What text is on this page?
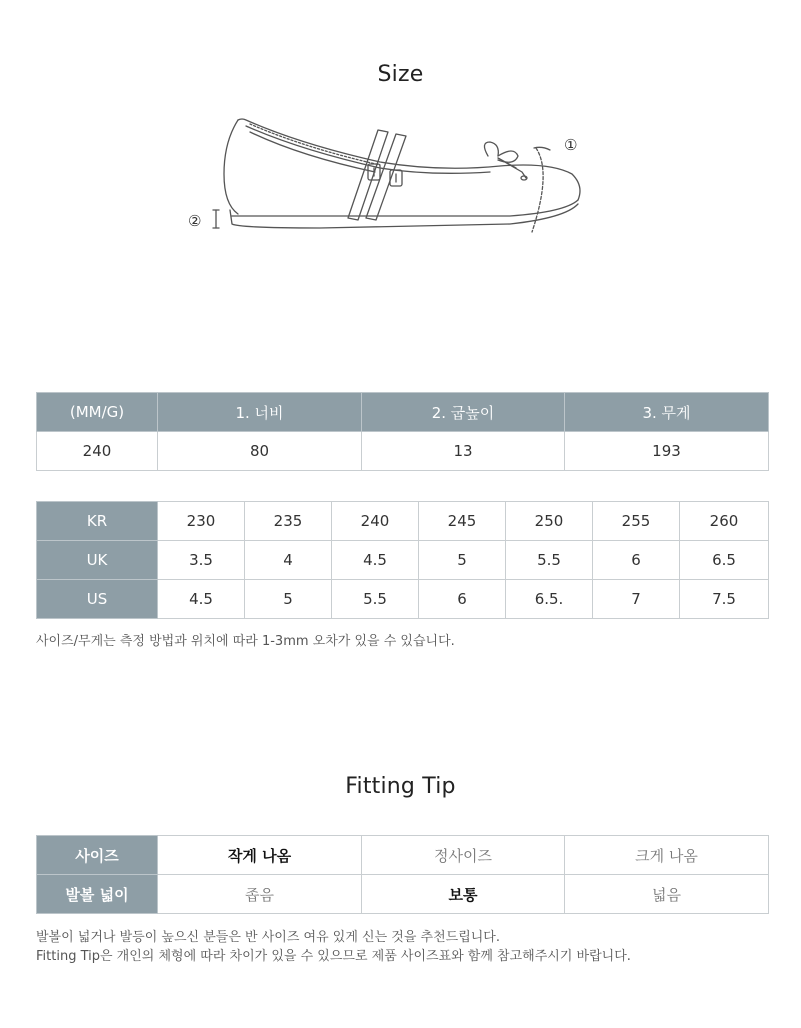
Size
①
②
(MM/G)	1. 너비	2. 굽높이	3. 무게
240	80	13	193
KR	230	235	240	245	250	255	260
UK	3.5	4	4.5	5	5.5	6	6.5
US	4.5	5	5.5	6	6.5.	7	7.5
사이즈/무게는 측정 방법과 위치에 따라 1-3mm 오차가 있을 수 있습니다.
Fitting Tip
사이즈	작게 나옴	정사이즈	크게 나옴
발볼 넓이	좁음	보통	넓음
발볼이 넓거나 발등이 높으신 분들은 반 사이즈 여유 있게 신는 것을 추천드립니다.
Fitting Tip은 개인의 체형에 따라 차이가 있을 수 있으므로 제품 사이즈표와 함께 참고해주시기 바랍니다.
